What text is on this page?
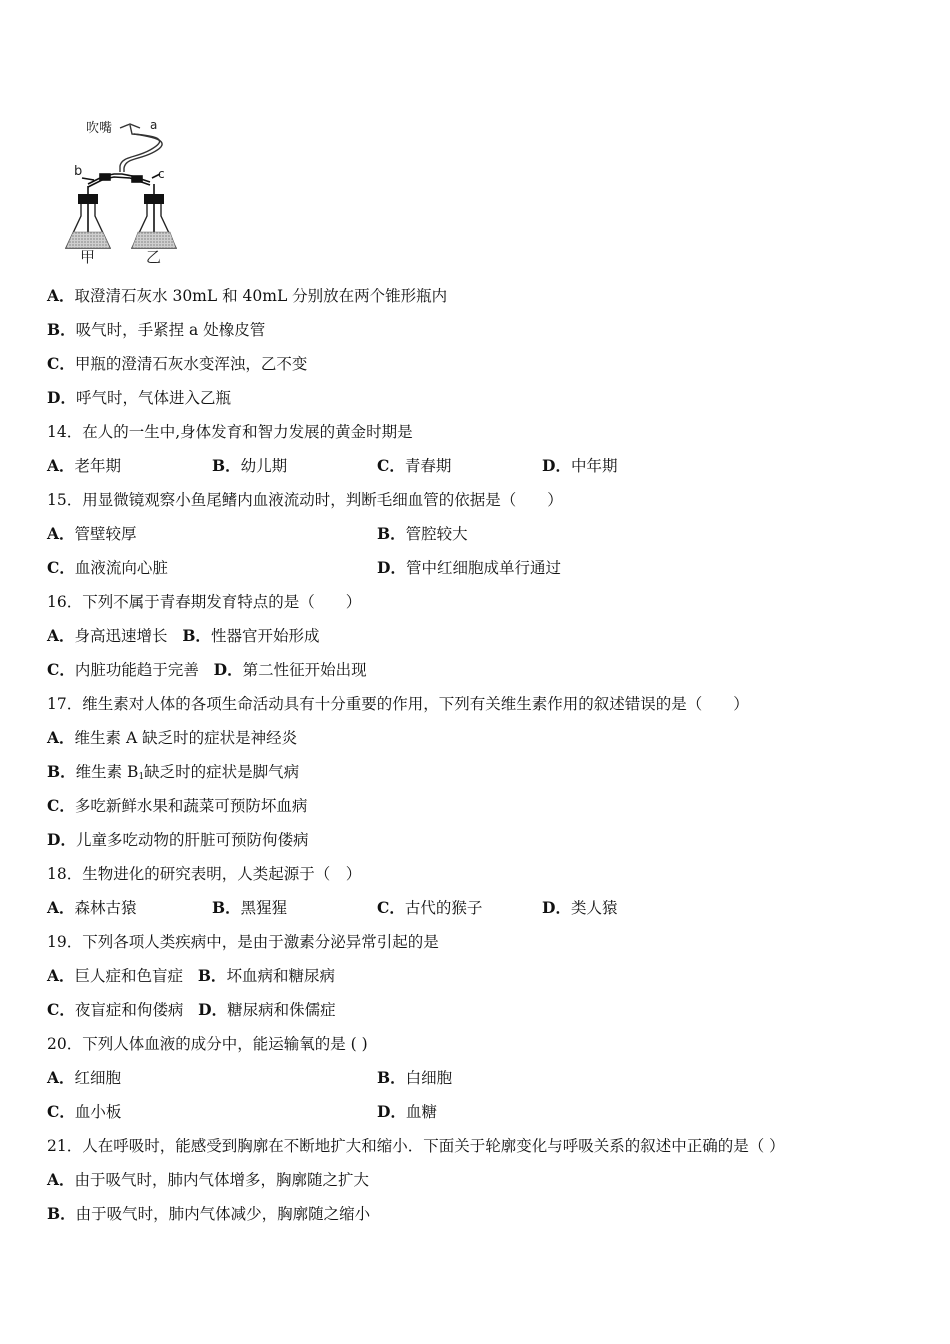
吹嘴	a
b	c
甲	乙
A．取澄清石灰水 30mL 和 40mL 分别放在两个锥形瓶内
B．吸气时，手紧捏 a 处橡皮管
C．甲瓶的澄清石灰水变浑浊，乙不变
D．呼气时，气体进入乙瓶
14．在人的一生中,身体发育和智力发展的黄金时期是
A．老年期	B．幼儿期	C．青春期	D．中年期
15．用显微镜观察小鱼尾鳍内血液流动时，判断毛细血管的依据是（　　）
A．管壁较厚	B．管腔较大
C．血液流向心脏	D．管中红细胞成单行通过
16．下列不属于青春期发育特点的是（　　）
A．身高迅速增长 B．性器官开始形成
C．内脏功能趋于完善 D．第二性征开始出现
17．维生素对人体的各项生命活动具有十分重要的作用，下列有关维生素作用的叙述错误的是（　　）
A．维生素 A 缺乏时的症状是神经炎
B．维生素 $B_1$缺乏时的症状是脚气病
C．多吃新鲜水果和蔬菜可预防坏血病
D．儿童多吃动物的肝脏可预防佝偻病
18．生物进化的研究表明，人类起源于（　）
A．森林古猿	B．黑猩猩	C．古代的猴子	D．类人猿
19．下列各项人类疾病中，是由于激素分泌异常引起的是
A．巨人症和色盲症 B．坏血病和糖尿病
C．夜盲症和佝偻病 D．糖尿病和侏儒症
20．下列人体血液的成分中，能运输氧的是 ( )
A．红细胞	B．白细胞
C．血小板	D．血糖
21．人在呼吸时，能感受到胸廓在不断地扩大和缩小．下面关于轮廓变化与呼吸关系的叙述中正确的是（ ）
A．由于吸气时，肺内气体增多，胸廓随之扩大
B．由于吸气时，肺内气体减少，胸廓随之缩小
